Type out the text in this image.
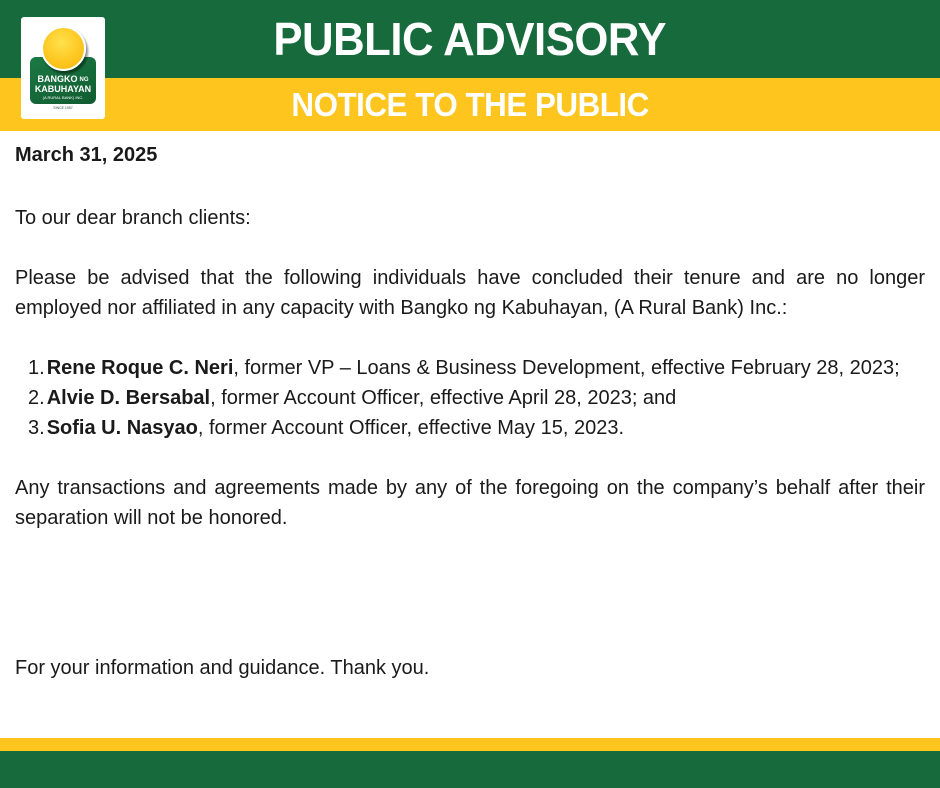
PUBLIC ADVISORY
NOTICE TO THE PUBLIC
BANGKO NG
KABUHAYAN
(A RURAL BANK) INC.
SINCE 1957
March 31, 2025
To our dear branch clients:
Please be advised that the following individuals have concluded their tenure and are no longer employed nor affiliated in any capacity with Bangko ng Kabuhayan, (A Rural Bank) Inc.:
1. Rene Roque C. Neri, former VP – Loans & Business Development, effective February 28, 2023;
2. Alvie D. Bersabal, former Account Officer, effective April 28, 2023; and
3. Sofia U. Nasyao, former Account Officer, effective May 15, 2023.
Any transactions and agreements made by any of the foregoing on the company’s behalf after their separation will not be honored.
For your information and guidance. Thank you.
